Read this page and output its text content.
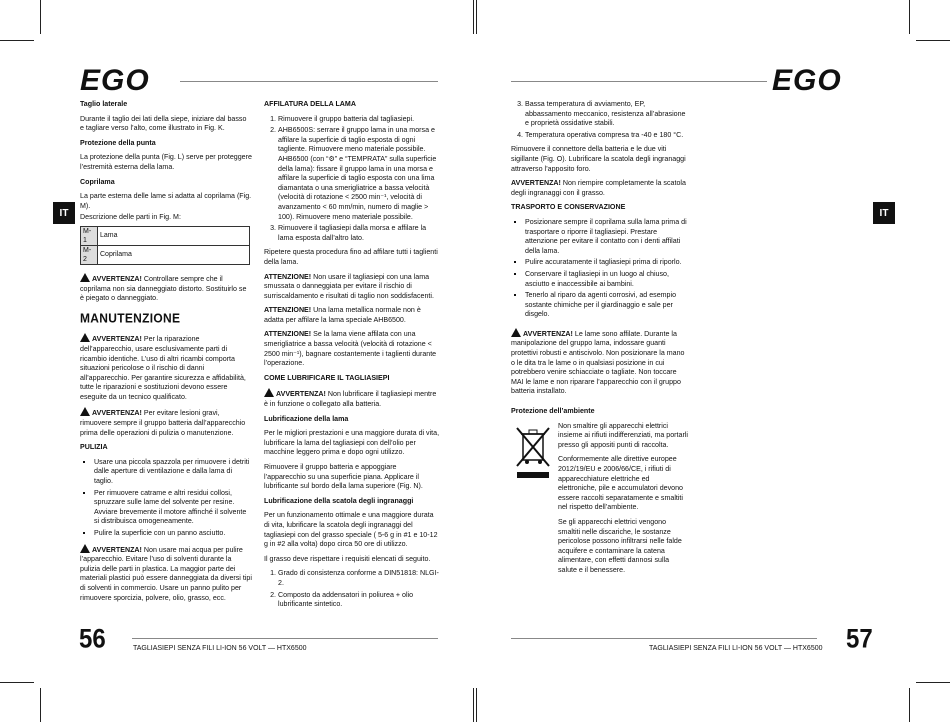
EGO	EGO
IT	IT

Taglio laterale

Durante il taglio dei lati della siepe, iniziare dal basso e tagliare verso l’alto, come illustrato in Fig. K.

Protezione della punta

La protezione della punta (Fig. L) serve per proteggere l’estremità esterna della lama.

Coprilama

La parte esterna delle lame si adatta al coprilama (Fig. M).

Descrizione delle parti in Fig. M:

M-1	Lama
M-2	Coprilama

AVVERTENZA! Controllare sempre che il coprilama non sia danneggiato distorto. Sostituirlo se è piegato o danneggiato.

MANUTENZIONE

AVVERTENZA! Per la riparazione dell’apparecchio, usare esclusivamente parti di ricambio identiche. L’uso di altri ricambi comporta situazioni pericolose o il rischio di danni all’apparecchio. Per garantire sicurezza e affidabilità, tutte le riparazioni e sostituzioni devono essere eseguite da un tecnico qualificato.

AVVERTENZA! Per evitare lesioni gravi, rimuovere sempre il gruppo batteria dall’apparecchio prima delle operazioni di pulizia o manutenzione.

PULIZIA

▪ Usare una piccola spazzola per rimuovere i detriti dalle aperture di ventilazione e dalla lama di taglio.
▪ Per rimuovere catrame e altri residui collosi, spruzzare sulle lame del solvente per resine. Avviare brevemente il motore affinché il solvente si distribuisca omogeneamente.
▪ Pulire la superficie con un panno asciutto.

AVVERTENZA! Non usare mai acqua per pulire l’apparecchio. Evitare l’uso di solventi durante la pulizia delle parti in plastica. La maggior parte dei materiali plastici può essere danneggiata da diversi tipi di solventi in commercio. Usare un panno pulito per rimuovere sporcizia, polvere, olio, grasso, ecc.

AFFILATURA DELLA LAMA

1. Rimuovere il gruppo batteria dal tagliasiepi.
2. AHB6500S: serrare il gruppo lama in una morsa e affilare la superficie di taglio esposta di ogni tagliente. Rimuovere meno materiale possibile. AHB6500 (con “⚙” e “TEMPRATA” sulla superficie della lama): fissare il gruppo lama in una morsa e affilare la superficie di taglio esposta con una lima diamantata o una smerigliatrice a bassa velocità (velocità di rotazione < 2500 min⁻¹, velocità di avanzamento < 60 mm/min, numero di maglie > 100). Rimuovere meno materiale possibile.
3. Rimuovere il tagliasiepi dalla morsa e affilare la lama esposta dall’altro lato.

Ripetere questa procedura fino ad affilare tutti i taglienti della lama.

ATTENZIONE! Non usare il tagliasiepi con una lama smussata o danneggiata per evitare il rischio di surriscaldamento e risultati di taglio non soddisfacenti.

ATTENZIONE! Una lama metallica normale non è adatta per affilare la lama speciale AHB6500.

ATTENZIONE! Se la lama viene affilata con una smerigliatrice a bassa velocità (velocità di rotazione < 2500 min⁻¹), bagnare costantemente i taglienti durante l’operazione.

COME LUBRIFICARE IL TAGLIASIEPI

AVVERTENZA! Non lubrificare il tagliasiepi mentre è in funzione o collegato alla batteria.

Lubrificazione della lama

Per le migliori prestazioni e una maggiore durata di vita, lubrificare la lama del tagliasiepi con dell’olio per macchine leggero prima e dopo ogni utilizzo.

Rimuovere il gruppo batteria e appoggiare l’apparecchio su una superficie piana. Applicare il lubrificante sul bordo della lama superiore (Fig. N).

Lubrificazione della scatola degli ingranaggi

Per un funzionamento ottimale e una maggiore durata di vita, lubrificare la scatola degli ingranaggi del tagliasiepi con del grasso speciale ( 5-6 g in #1 e 10-12 g in #2 alla volta) dopo circa 50 ore di utilizzo.

Il grasso deve rispettare i requisiti elencati di seguito.

1. Grado di consistenza conforme a DIN51818: NLGI-2.
2. Composto da addensatori in poliurea + olio lubrificante sintetico.
3. Bassa temperatura di avviamento, EP, abbassamento meccanico, resistenza all’abrasione e proprietà ossidative stabili.
4. Temperatura operativa compresa tra -40 e 180 °C.

Rimuovere il connettore della batteria e le due viti sigillante (Fig. O). Lubrificare la scatola degli ingranaggi attraverso l’apposito foro.

AVVERTENZA! Non riempire completamente la scatola degli ingranaggi con il grasso.

TRASPORTO E CONSERVAZIONE

▪ Posizionare sempre il coprilama sulla lama prima di trasportare o riporre il tagliasiepi. Prestare attenzione per evitare il contatto con i denti affilati della lama.
▪ Pulire accuratamente il tagliasiepi prima di riporlo.
▪ Conservare il tagliasiepi in un luogo al chiuso, asciutto e inaccessibile ai bambini.
▪ Tenerlo al riparo da agenti corrosivi, ad esempio sostante chimiche per il giardinaggio e sale per disgelo.

AVVERTENZA! Le lame sono affilate. Durante la manipolazione del gruppo lama, indossare guanti protettivi robusti e antiscivolo. Non posizionare la mano o le dita tra le lame o in qualsiasi posizione in cui potrebbero venire schiacciate o tagliate. Non toccare MAI le lame e non riparare l’apparecchio con il gruppo batteria installato.

Protezione dell’ambiente

Non smaltire gli apparecchi elettrici insieme ai rifiuti indifferenziati, ma portarli presso gli appositi punti di raccolta.

Conformemente alle direttive europee 2012/19/EU e 2006/66/CE, i rifiuti di apparecchiature elettriche ed elettroniche, pile e accumulatori devono essere raccolti separatamente e smaltiti nel rispetto dell’ambiente.

Se gli apparecchi elettrici vengono smaltiti nelle discariche, le sostanze pericolose possono infiltrarsi nelle falde acquifere e contaminare la catena alimentare, con effetti dannosi sulla salute e il benessere.

56	TAGLIASIEPI SENZA FILI LI-ION 56 VOLT — HTX6500	57
TAGLIASIEPI SENZA FILI LI-ION 56 VOLT — HTX6500
